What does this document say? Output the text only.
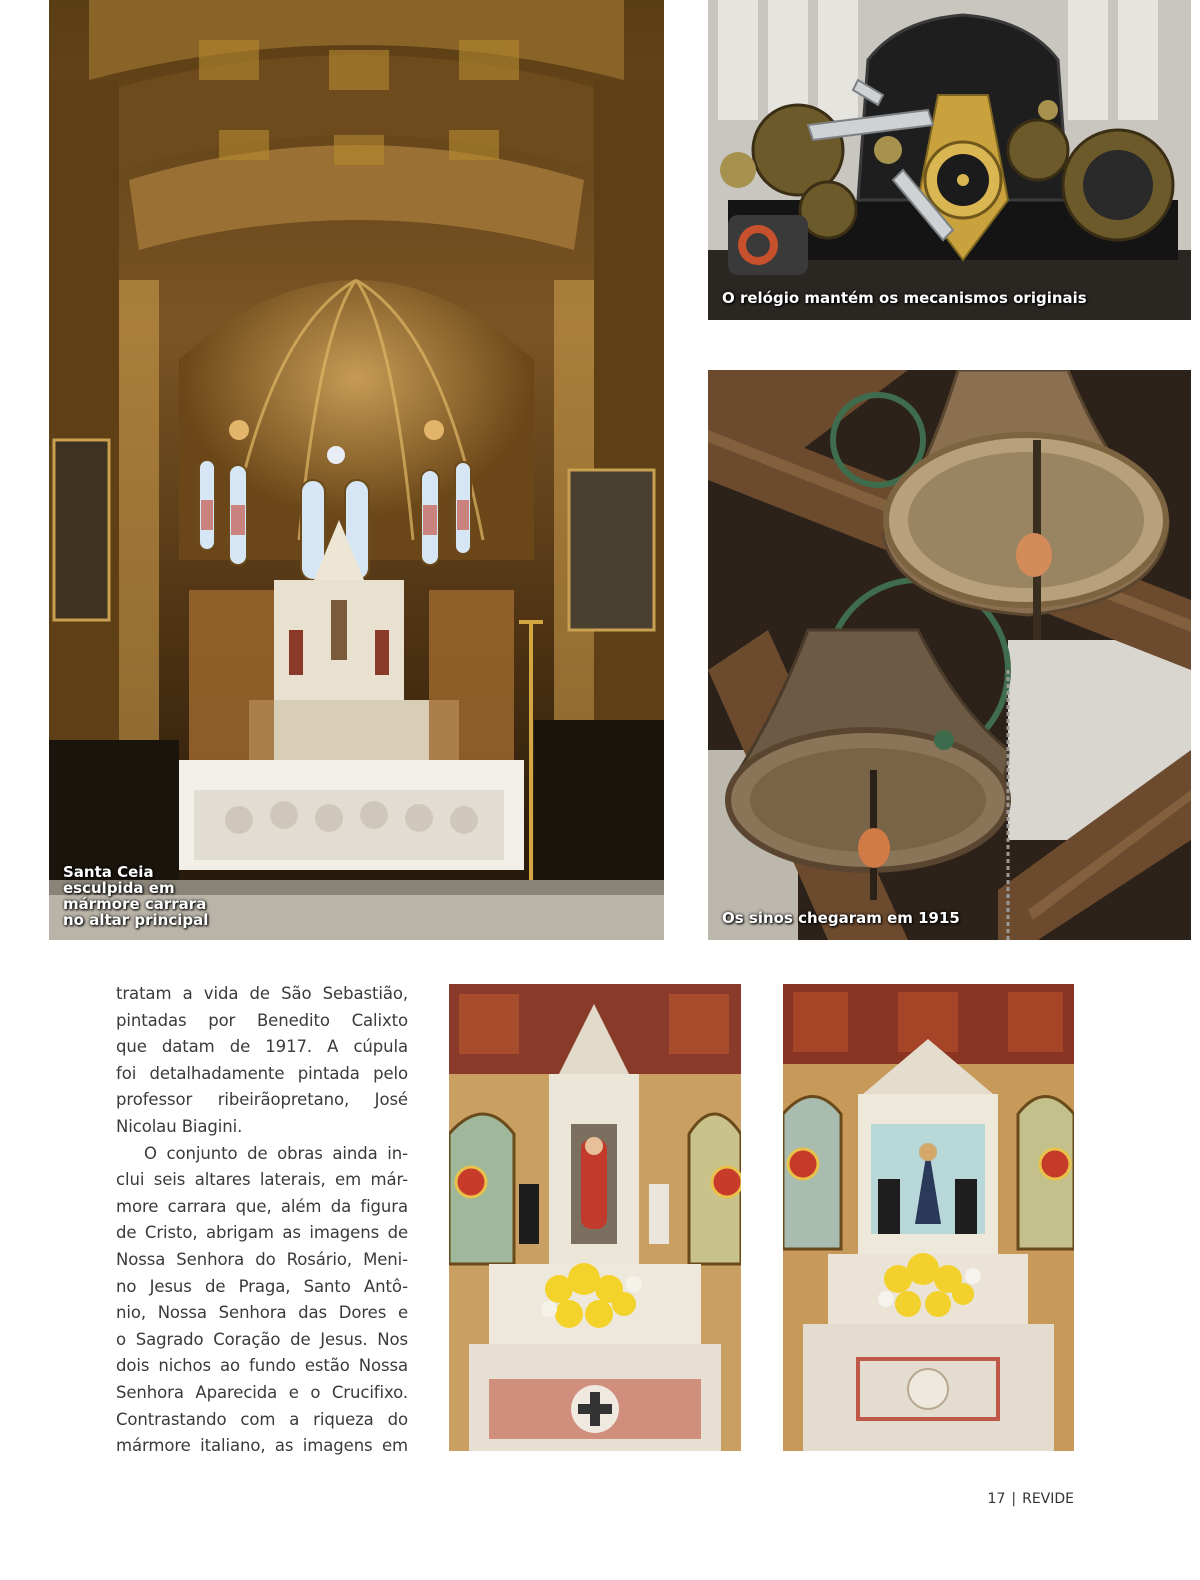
Santa Ceia
esculpida em
mármore carrara
no altar principal
O relógio mantém os mecanismos originais
Os sinos chegaram em 1915
tratam a vida de São Sebastião,
pintadas por Benedito Calixto
que datam de 1917. A cúpula
foi detalhadamente pintada pelo
professor ribeirãopretano, José
Nicolau Biagini.
O conjunto de obras ainda in-
clui seis altares laterais, em már-
more carrara que, além da figura
de Cristo, abrigam as imagens de
Nossa Senhora do Rosário, Meni-
no Jesus de Praga, Santo Antô-
nio, Nossa Senhora das Dores e
o Sagrado Coração de Jesus. Nos
dois nichos ao fundo estão Nossa
Senhora Aparecida e o Crucifixo.
Contrastando com a riqueza do
mármore italiano, as imagens em
17 | REVIDE
